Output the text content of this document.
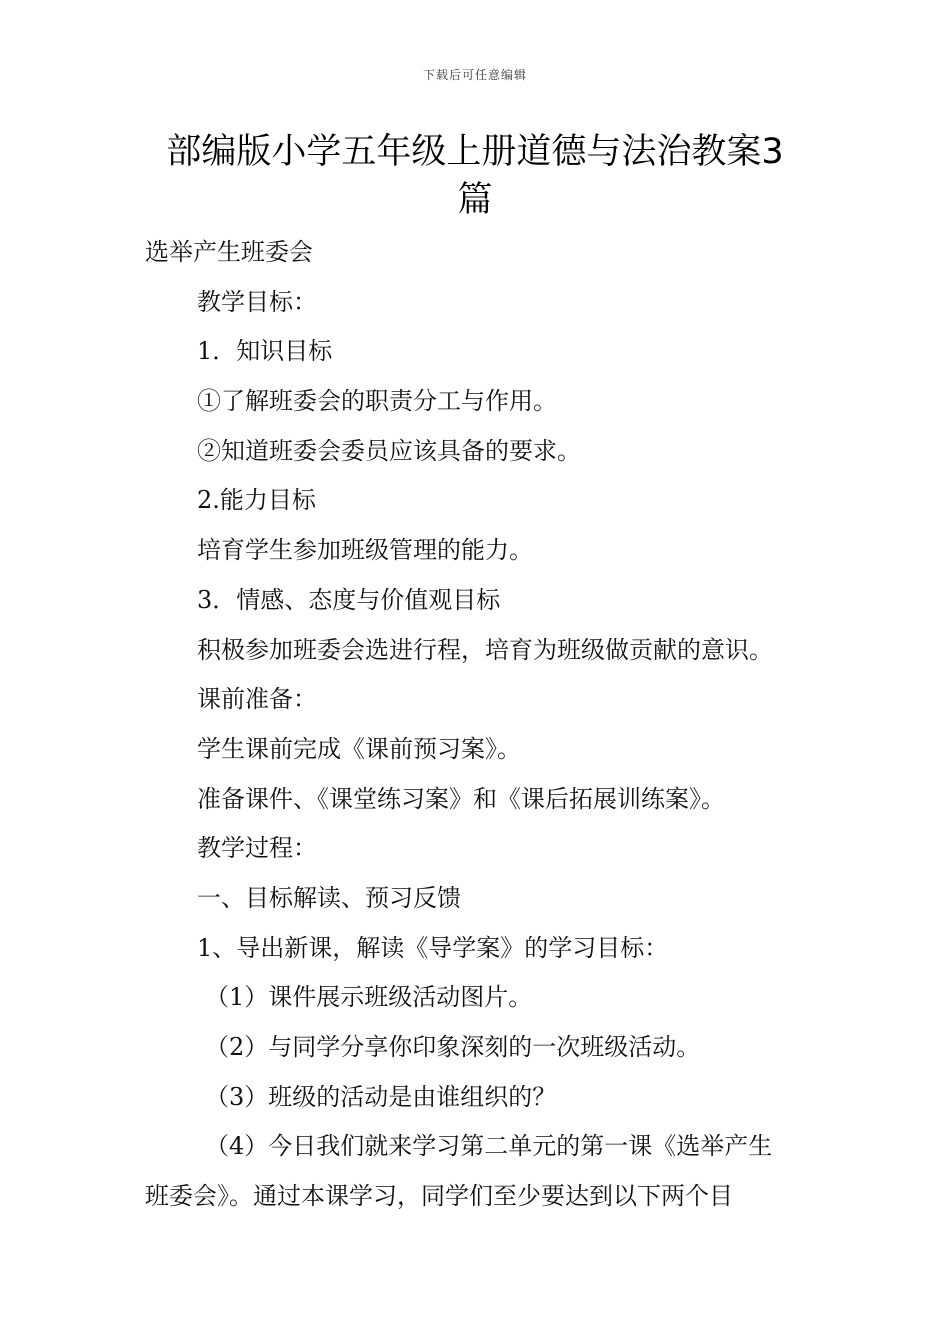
下载后可任意编辑
部编版小学五年级上册道德与法治教案3篇
选举产生班委会
教学目标：
1．知识目标
①了解班委会的职责分工与作用。
②知道班委会委员应该具备的要求。
2.能力目标
培育学生参加班级管理的能力。
3．情感、态度与价值观目标
积极参加班委会选进行程，培育为班级做贡献的意识。
课前准备：
学生课前完成《课前预习案》。
准备课件、《课堂练习案》和《课后拓展训练案》。
教学过程：
一、目标解读、预习反馈
1、导出新课，解读《导学案》的学习目标：
（1）课件展示班级活动图片。
（2）与同学分享你印象深刻的一次班级活动。
（3）班级的活动是由谁组织的？
（4）今日我们就来学习第二单元的第一课《选举产生
班委会》。通过本课学习，同学们至少要达到以下两个目
